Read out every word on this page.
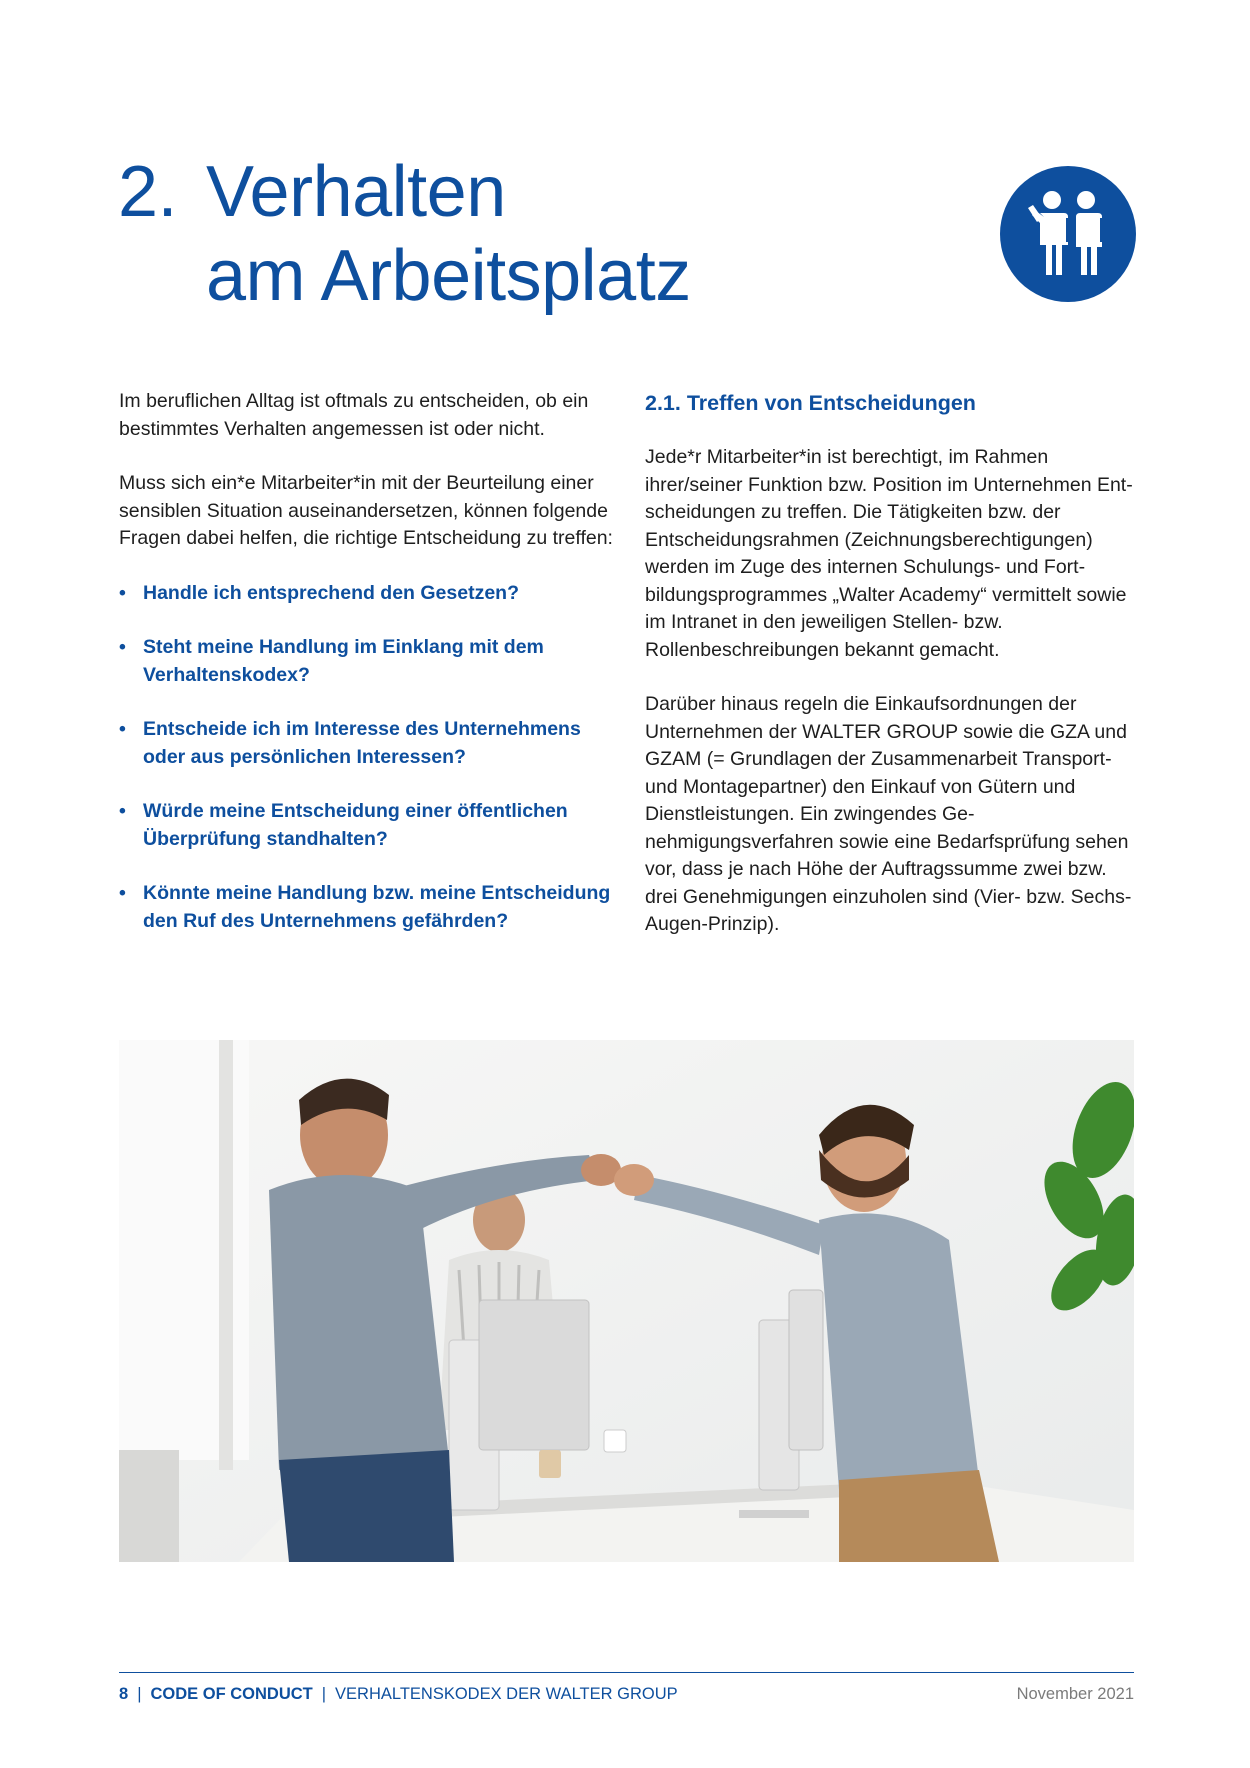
2. Verhalten
am Arbeitsplatz

Im beruflichen Alltag ist oftmals zu entscheiden, ob ein bestimmtes Verhalten angemessen ist oder nicht.

Muss sich ein*e Mitarbeiter*in mit der Beurteilung einer sensiblen Situation auseinandersetzen, können folgende Fragen dabei helfen, die richtige Entscheidung zu treffen:

• Handle ich entsprechend den Gesetzen?
• Steht meine Handlung im Einklang mit dem Verhaltenskodex?
• Entscheide ich im Interesse des Unternehmens oder aus persönlichen Interessen?
• Würde meine Entscheidung einer öffentlichen Überprüfung standhalten?
• Könnte meine Handlung bzw. meine Entscheidung den Ruf des Unternehmens gefährden?
2.1. Treffen von Entscheidungen

Jede*r Mitarbeiter*in ist berechtigt, im Rahmen ihrer/seiner Funktion bzw. Position im Unternehmen Entscheidungen zu treffen. Die Tätigkeiten bzw. der Entscheidungsrahmen (Zeichnungsberechtigungen) werden im Zuge des internen Schulungs- und Fortbildungsprogrammes „Walter Academy“ vermittelt sowie im Intranet in den jeweiligen Stellen- bzw. Rollenbeschreibungen bekannt gemacht.

Darüber hinaus regeln die Einkaufsordnungen der Unternehmen der WALTER GROUP sowie die GZA und GZAM (= Grundlagen der Zusammenarbeit Transport- und Montagepartner) den Einkauf von Gütern und Dienstleistungen. Ein zwingendes Genehmigungsverfahren sowie eine Bedarfsprüfung sehen vor, dass je nach Höhe der Auftragssumme zwei bzw. drei Genehmigungen einzuholen sind (Vier- bzw. Sechs-Augen-Prinzip).

8 | CODE OF CONDUCT | VERHALTENSKODEX DER WALTER GROUP	November 2021
